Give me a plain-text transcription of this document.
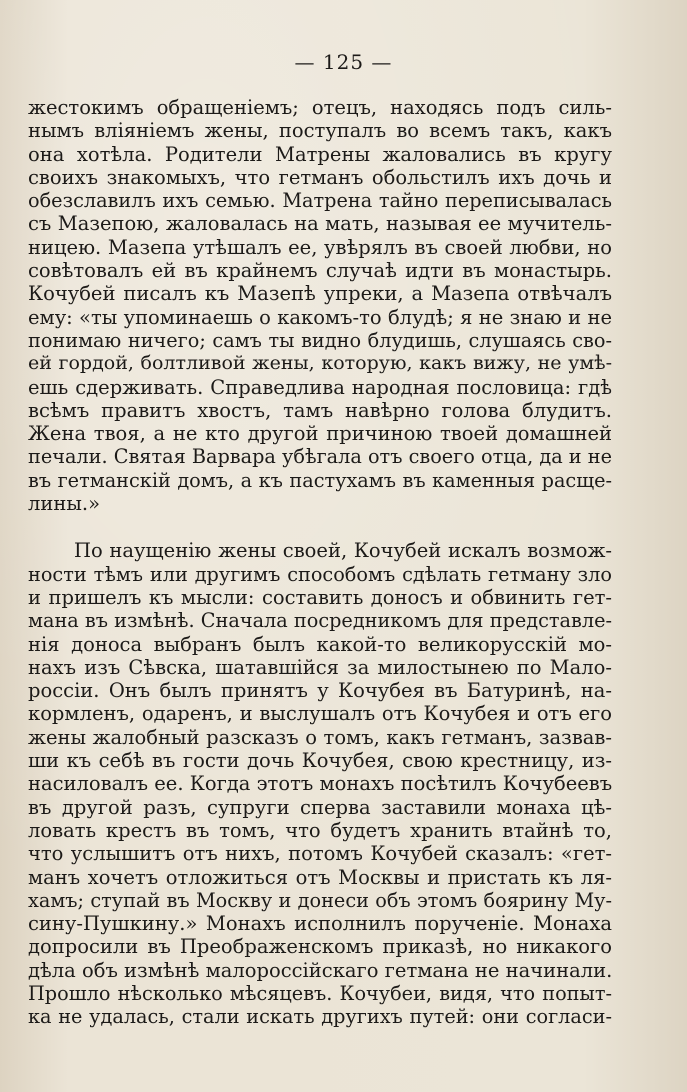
— 125 —
жестокимъ обращеніемъ; отецъ, находясь подъ силь-
нымъ вліяніемъ жены, поступалъ во всемъ такъ, какъ
она хотѣла. Родители Матрены жаловались въ кругу
своихъ знакомыхъ, что гетманъ обольстилъ ихъ дочь и
обезславилъ ихъ семью. Матрена тайно переписывалась
съ Мазепою, жаловалась на мать, называя ее мучитель-
ницею. Мазепа утѣшалъ ее, увѣрялъ въ своей любви, но
совѣтовалъ ей въ крайнемъ случаѣ идти въ монастырь.
Кочубей писалъ къ Мазепѣ упреки, а Мазепа отвѣчалъ
ему: «ты упоминаешь о какомъ-то блудѣ; я не знаю и не
понимаю ничего; самъ ты видно блудишь, слушаясь сво-
ей гордой, болтливой жены, которую, какъ вижу, не умѣ-
ешь сдерживать. Справедлива народная пословица: гдѣ
всѣмъ правитъ хвостъ, тамъ навѣрно голова блудитъ.
Жена твоя, а не кто другой причиною твоей домашней
печали. Святая Варвара убѣгала отъ своего отца, да и не
въ гетманскій домъ, а къ пастухамъ въ каменныя расще-
лины.»
По наущенію жены своей, Кочубей искалъ возмож-
ности тѣмъ или другимъ способомъ сдѣлать гетману зло
и пришелъ къ мысли: составить доносъ и обвинить гет-
мана въ измѣнѣ. Сначала посредникомъ для представле-
нія доноса выбранъ былъ какой-то великорусскій мо-
нахъ изъ Сѣвска, шатавшійся за милостынею по Мало-
россіи. Онъ былъ принятъ у Кочубея въ Батуринѣ, на-
кормленъ, одаренъ, и выслушалъ отъ Кочубея и отъ его
жены жалобный разсказъ о томъ, какъ гетманъ, зазвав-
ши къ себѣ въ гости дочь Кочубея, свою крестницу, из-
насиловалъ ее. Когда этотъ монахъ посѣтилъ Кочубеевъ
въ другой разъ, супруги сперва заставили монаха цѣ-
ловать крестъ въ томъ, что будетъ хранить втайнѣ то,
что услышитъ отъ нихъ, потомъ Кочубей сказалъ: «гет-
манъ хочетъ отложиться отъ Москвы и пристать къ ля-
хамъ; ступай въ Москву и донеси объ этомъ боярину Му-
сину-Пушкину.» Монахъ исполнилъ порученіе. Монаха
допросили въ Преображенскомъ приказѣ, но никакого
дѣла объ измѣнѣ малороссійскаго гетмана не начинали.
Прошло нѣсколько мѣсяцевъ. Кочубеи, видя, что попыт-
ка не удалась, стали искать другихъ путей: они согласи-
